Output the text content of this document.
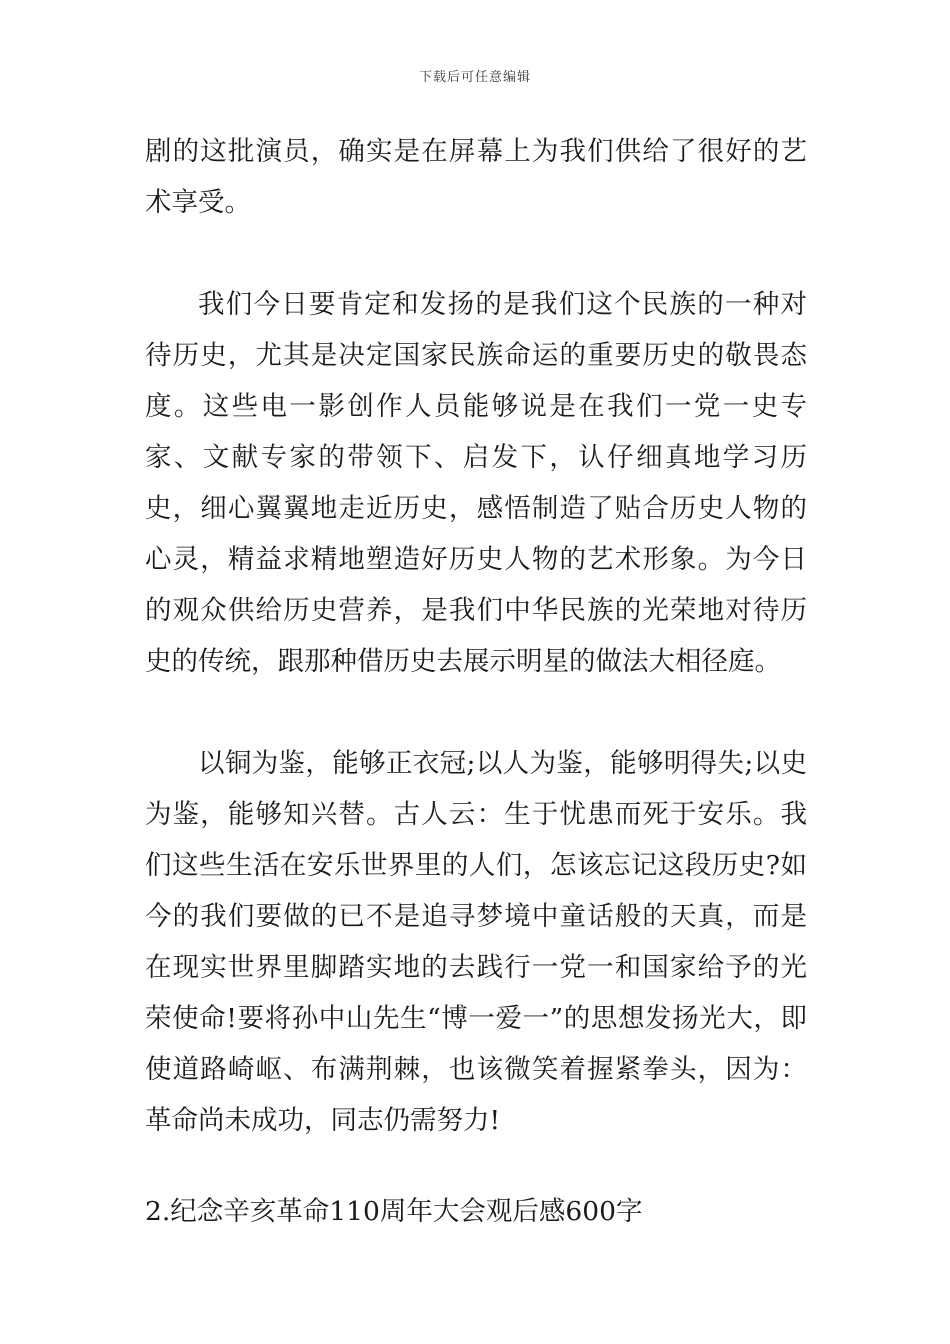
下载后可任意编辑

剧的这批演员，确实是在屏幕上为我们供给了很好的艺术享受。

我们今日要肯定和发扬的是我们这个民族的一种对待历史，尤其是决定国家民族命运的重要历史的敬畏态度。这些电一影创作人员能够说是在我们一党一史专家、文献专家的带领下、启发下，认仔细真地学习历史，细心翼翼地走近历史，感悟制造了贴合历史人物的心灵，精益求精地塑造好历史人物的艺术形象。为今日的观众供给历史营养，是我们中华民族的光荣地对待历史的传统，跟那种借历史去展示明星的做法大相径庭。

以铜为鉴，能够正衣冠;以人为鉴，能够明得失;以史为鉴，能够知兴替。古人云：生于忧患而死于安乐。我们这些生活在安乐世界里的人们，怎该忘记这段历史?如今的我们要做的已不是追寻梦境中童话般的天真，而是在现实世界里脚踏实地的去践行一党一和国家给予的光荣使命!要将孙中山先生“博一爱一”的思想发扬光大，即使道路崎岖、布满荆棘，也该微笑着握紧拳头，因为：革命尚未成功，同志仍需努力!

2.纪念辛亥革命110周年大会观后感600字
